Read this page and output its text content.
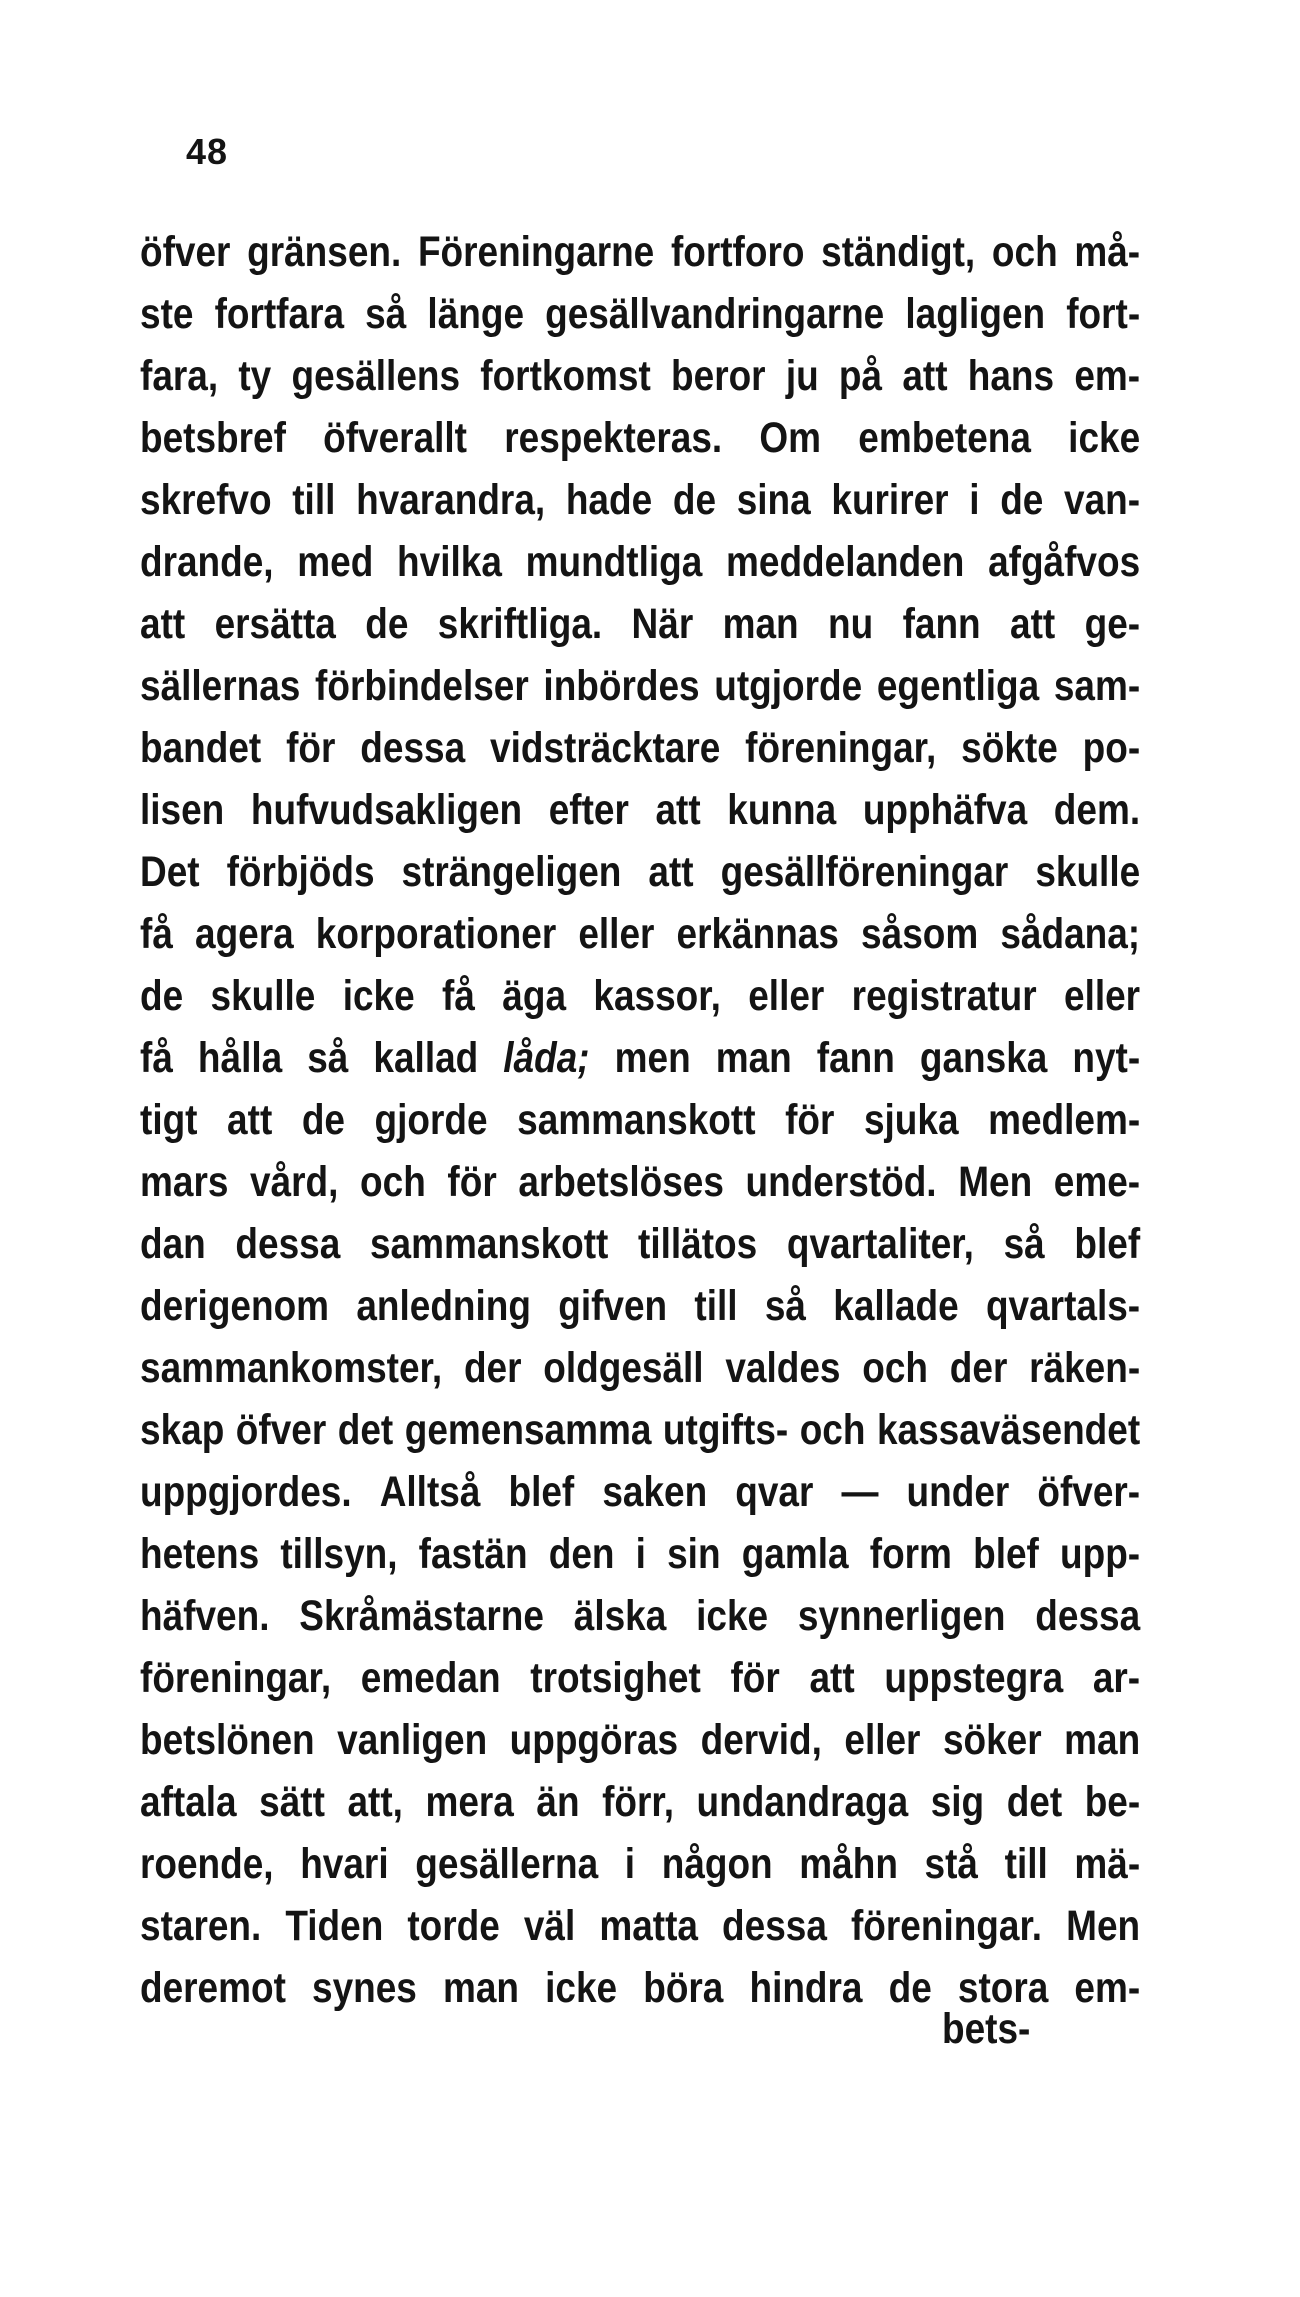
48
öfver gränsen. Föreningarne fortforo ständigt, och må-
ste fortfara så länge gesällvandringarne lagligen fort-
fara, ty gesällens fortkomst beror ju på att hans em-
betsbref öfverallt respekteras. Om embetena icke
skrefvo till hvarandra, hade de sina kurirer i de van-
drande, med hvilka mundtliga meddelanden afgåfvos
att ersätta de skriftliga. När man nu fann att ge-
sällernas förbindelser inbördes utgjorde egentliga sam-
bandet för dessa vidsträcktare föreningar, sökte po-
lisen hufvudsakligen efter att kunna upphäfva dem.
Det förbjöds strängeligen att gesällföreningar skulle
få agera korporationer eller erkännas såsom sådana;
de skulle icke få äga kassor, eller registratur eller
få hålla så kallad låda; men man fann ganska nyt-
tigt att de gjorde sammanskott för sjuka medlem-
mars vård, och för arbetslöses understöd. Men eme-
dan dessa sammanskott tillätos qvartaliter, så blef
derigenom anledning gifven till så kallade qvartals-
sammankomster, der oldgesäll valdes och der räken-
skap öfver det gemensamma utgifts- och kassaväsendet
uppgjordes. Alltså blef saken qvar — under öfver-
hetens tillsyn, fastän den i sin gamla form blef upp-
häfven. Skråmästarne älska icke synnerligen dessa
föreningar, emedan trotsighet för att uppstegra ar-
betslönen vanligen uppgöras dervid, eller söker man
aftala sätt att, mera än förr, undandraga sig det be-
roende, hvari gesällerna i någon måhn stå till mä-
staren. Tiden torde väl matta dessa föreningar. Men
deremot synes man icke böra hindra de stora em-
bets-
